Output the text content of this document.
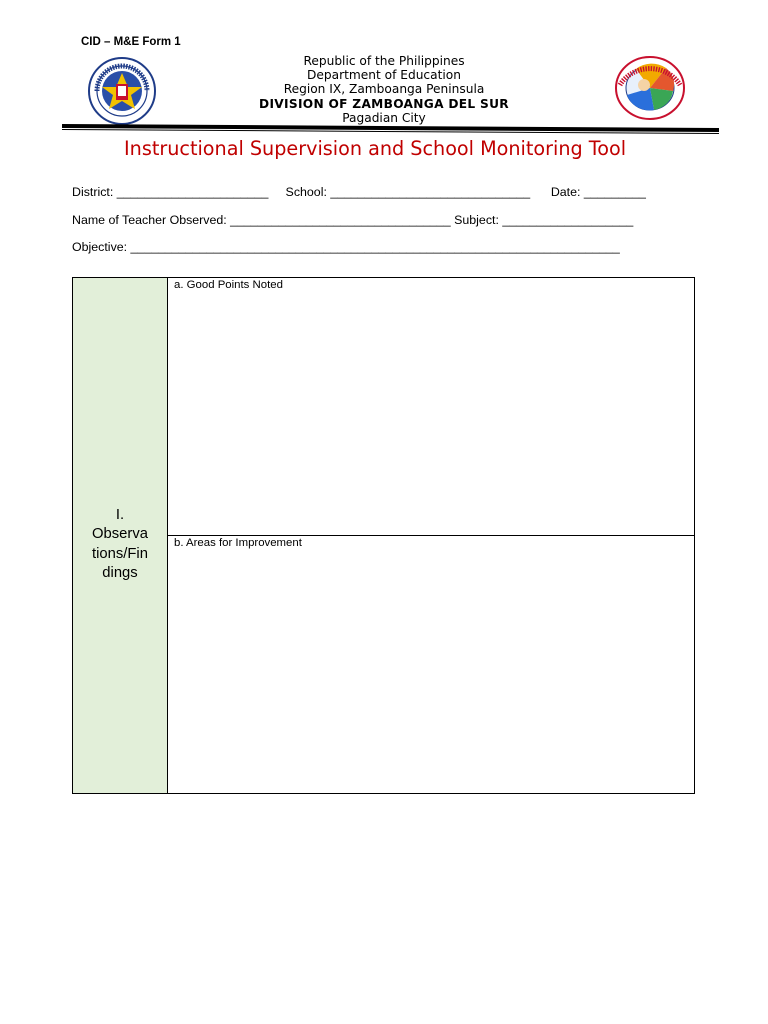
CID – M&E Form 1
Republic of the Philippines
Department of Education
Region IX, Zamboanga Peninsula
DIVISION OF ZAMBOANGA DEL SUR
Pagadian City
Instructional Supervision and School Monitoring Tool
District: ______________________     School: _____________________________      Date: _________
Name of Teacher Observed: ________________________________ Subject: ___________________
Objective: _______________________________________________________________________
I.
Observa
tions/Fin
dings
a. Good Points Noted
b. Areas for Improvement
